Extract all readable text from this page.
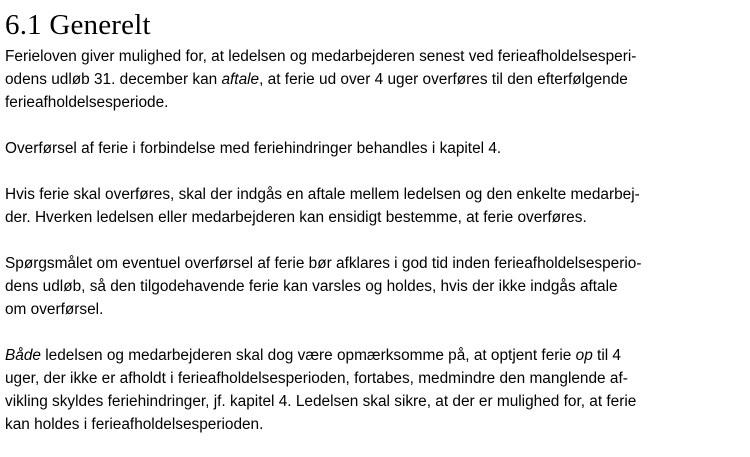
6.1 Generelt

Ferieloven giver mulighed for, at ledelsen og medarbejderen senest ved ferieafholdelsesperi-
odens udløb 31. december kan aftale, at ferie ud over 4 uger overføres til den efterfølgende
ferieafholdelsesperiode.

Overførsel af ferie i forbindelse med feriehindringer behandles i kapitel 4.

Hvis ferie skal overføres, skal der indgås en aftale mellem ledelsen og den enkelte medarbej-
der. Hverken ledelsen eller medarbejderen kan ensidigt bestemme, at ferie overføres.

Spørgsmålet om eventuel overførsel af ferie bør afklares i god tid inden ferieafholdelsesperio-
dens udløb, så den tilgodehavende ferie kan varsles og holdes, hvis der ikke indgås aftale
om overførsel.

Både ledelsen og medarbejderen skal dog være opmærksomme på, at optjent ferie op til 4
uger, der ikke er afholdt i ferieafholdelsesperioden, fortabes, medmindre den manglende af-
vikling skyldes feriehindringer, jf. kapitel 4. Ledelsen skal sikre, at der er mulighed for, at ferie
kan holdes i ferieafholdelsesperioden.
